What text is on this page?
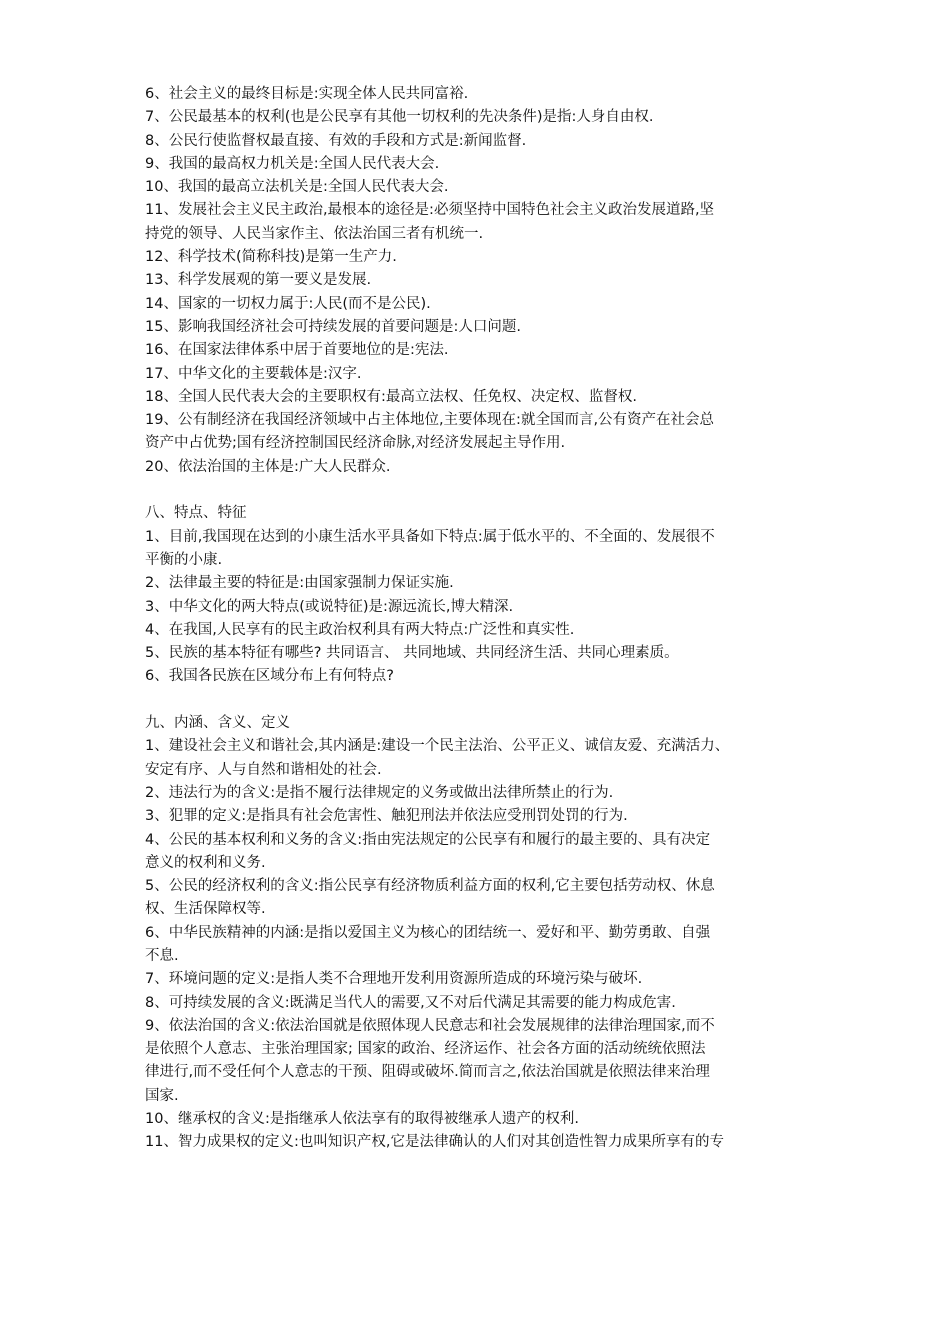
6、社会主义的最终目标是:实现全体人民共同富裕.
7、公民最基本的权利(也是公民享有其他一切权利的先决条件)是指:人身自由权.
8、公民行使监督权最直接、有效的手段和方式是:新闻监督.
9、我国的最高权力机关是:全国人民代表大会.
10、我国的最高立法机关是:全国人民代表大会.
11、发展社会主义民主政治,最根本的途径是:必须坚持中国特色社会主义政治发展道路,坚
持党的领导、人民当家作主、依法治国三者有机统一.
12、科学技术(简称科技)是第一生产力.
13、科学发展观的第一要义是发展.
14、国家的一切权力属于:人民(而不是公民).
15、影响我国经济社会可持续发展的首要问题是:人口问题.
16、在国家法律体系中居于首要地位的是:宪法.
17、中华文化的主要载体是:汉字.
18、全国人民代表大会的主要职权有:最高立法权、任免权、决定权、监督权.
19、公有制经济在我国经济领域中占主体地位,主要体现在:就全国而言,公有资产在社会总
资产中占优势;国有经济控制国民经济命脉,对经济发展起主导作用.
20、依法治国的主体是:广大人民群众.
八、特点、特征
1、目前,我国现在达到的小康生活水平具备如下特点:属于低水平的、不全面的、发展很不
平衡的小康.
2、法律最主要的特征是:由国家强制力保证实施.
3、中华文化的两大特点(或说特征)是:源远流长,博大精深.
4、在我国,人民享有的民主政治权利具有两大特点:广泛性和真实性.
5、民族的基本特征有哪些? 共同语言、 共同地域、共同经济生活、共同心理素质。
6、我国各民族在区域分布上有何特点?
九、内涵、含义、定义
1、建设社会主义和谐社会,其内涵是:建设一个民主法治、公平正义、诚信友爱、充满活力、
安定有序、人与自然和谐相处的社会.
2、违法行为的含义:是指不履行法律规定的义务或做出法律所禁止的行为.
3、犯罪的定义:是指具有社会危害性、触犯刑法并依法应受刑罚处罚的行为.
4、公民的基本权利和义务的含义:指由宪法规定的公民享有和履行的最主要的、具有决定
意义的权利和义务.
5、公民的经济权利的含义:指公民享有经济物质利益方面的权利,它主要包括劳动权、休息
权、生活保障权等.
6、中华民族精神的内涵:是指以爱国主义为核心的团结统一、爱好和平、勤劳勇敢、自强
不息.
7、环境问题的定义:是指人类不合理地开发利用资源所造成的环境污染与破坏.
8、可持续发展的含义:既满足当代人的需要,又不对后代满足其需要的能力构成危害.
9、依法治国的含义:依法治国就是依照体现人民意志和社会发展规律的法律治理国家,而不
是依照个人意志、主张治理国家; 国家的政治、经济运作、社会各方面的活动统统依照法
律进行,而不受任何个人意志的干预、阻碍或破坏.简而言之,依法治国就是依照法律来治理
国家.
10、继承权的含义:是指继承人依法享有的取得被继承人遗产的权利.
11、智力成果权的定义:也叫知识产权,它是法律确认的人们对其创造性智力成果所享有的专
